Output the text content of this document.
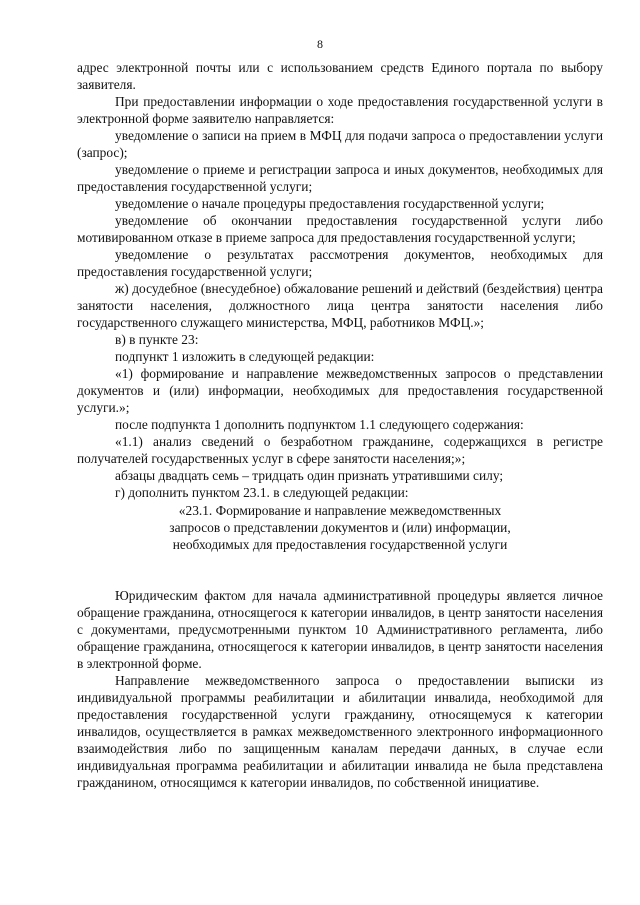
8

адрес электронной почты или с использованием средств Единого портала по выбору заявителя.

При предоставлении информации о ходе предоставления государственной услуги в электронной форме заявителю направляется:

уведомление о записи на прием в МФЦ для подачи запроса о предоставлении услуги (запрос);

уведомление о приеме и регистрации запроса и иных документов, необходимых для предоставления государственной услуги;

уведомление о начале процедуры предоставления государственной услуги;

уведомление об окончании предоставления государственной услуги либо мотивированном отказе в приеме запроса для предоставления государственной услуги;

уведомление о результатах рассмотрения документов, необходимых для предоставления государственной услуги;

ж) досудебное (внесудебное) обжалование решений и действий (бездействия) центра занятости населения, должностного лица центра занятости населения либо государственного служащего министерства, МФЦ, работников МФЦ.»;

в) в пункте 23:

подпункт 1 изложить в следующей редакции:

«1) формирование и направление межведомственных запросов о представлении документов и (или) информации, необходимых для предоставления государственной услуги.»;

после подпункта 1 дополнить подпунктом 1.1 следующего содержания:

«1.1) анализ сведений о безработном гражданине, содержащихся в регистре получателей государственных услуг в сфере занятости населения;»;

абзацы двадцать семь – тридцать один признать утратившими силу;

г) дополнить пунктом 23.1. в следующей редакции:

«23.1. Формирование и направление межведомственных

запросов о представлении документов и (или) информации,

необходимых для предоставления государственной услуги

Юридическим фактом для начала административной процедуры является личное обращение гражданина, относящегося к категории инвалидов, в центр занятости населения с документами, предусмотренными пунктом 10 Административного регламента, либо обращение гражданина, относящегося к категории инвалидов, в центр занятости населения в электронной форме.

Направление межведомственного запроса о предоставлении выписки из индивидуальной программы реабилитации и абилитации инвалида, необходимой для предоставления государственной услуги гражданину, относящемуся к категории инвалидов, осуществляется в рамках межведомственного электронного информационного взаимодействия либо по защищенным каналам передачи данных, в случае если индивидуальная программа реабилитации и абилитации инвалида не была представлена гражданином, относящимся к категории инвалидов, по собственной инициативе.
